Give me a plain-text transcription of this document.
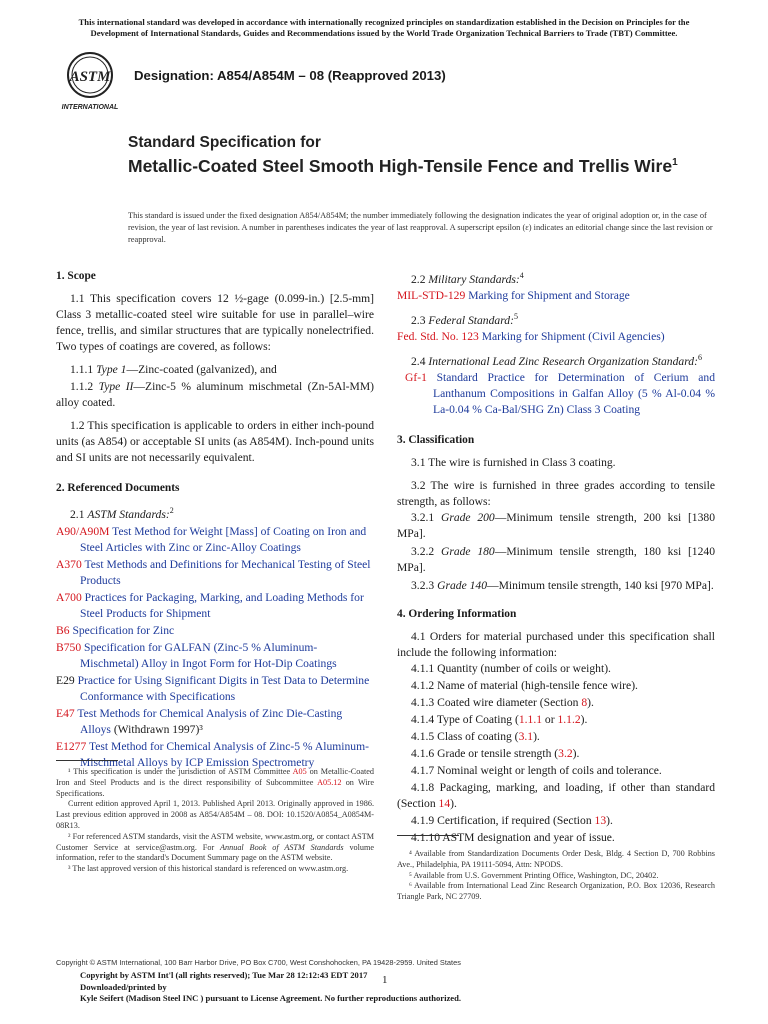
This international standard was developed in accordance with internationally recognized principles on standardization established in the Decision on Principles for the Development of International Standards, Guides and Recommendations issued by the World Trade Organization Technical Barriers to Trade (TBT) Committee.
ASTM
INTERNATIONAL
Designation: A854/A854M – 08 (Reapproved 2013)
Standard Specification for
Metallic-Coated Steel Smooth High-Tensile Fence and Trellis Wire$^1$
This standard is issued under the fixed designation A854/A854M; the number immediately following the designation indicates the year of original adoption or, in the case of revision, the year of last revision. A number in parentheses indicates the year of last reapproval. A superscript epsilon (ε) indicates an editorial change since the last revision or reapproval.
1. Scope

1.1 This specification covers 12 ½-gage (0.099-in.) [2.5-mm] Class 3 metallic-coated steel wire suitable for use in parallel–wire fence, trellis, and similar structures that are typically nonelectrified. Two types of coatings are covered, as follows:

1.1.1 Type 1—Zinc-coated (galvanized), and

1.1.2 Type II—Zinc-5 % aluminum mischmetal (Zn-5Al-MM) alloy coated.

1.2 This specification is applicable to orders in either inch-pound units (as A854) or acceptable SI units (as A854M). Inch-pound units and SI units are not necessarily equivalent.

2. Referenced Documents

2.1 ASTM Standards:$^2$

A90/A90M Test Method for Weight [Mass] of Coating on Iron and Steel Articles with Zinc or Zinc-Alloy Coatings

A370 Test Methods and Definitions for Mechanical Testing of Steel Products

A700 Practices for Packaging, Marking, and Loading Methods for Steel Products for Shipment

B6 Specification for Zinc

B750 Specification for GALFAN (Zinc-5 % Aluminum-Mischmetal) Alloy in Ingot Form for Hot-Dip Coatings

E29 Practice for Using Significant Digits in Test Data to Determine Conformance with Specifications

E47 Test Methods for Chemical Analysis of Zinc Die-Casting Alloys (Withdrawn 1997)³

E1277 Test Method for Chemical Analysis of Zinc-5 % Aluminum-Mischmetal Alloys by ICP Emission Spectrometry

¹ This specification is under the jurisdiction of ASTM Committee A05 on Metallic-Coated Iron and Steel Products and is the direct responsibility of Subcommittee A05.12 on Wire Specifications.

Current edition approved April 1, 2013. Published April 2013. Originally approved in 1986. Last previous edition approved in 2008 as A854/A854M – 08. DOI: 10.1520/A0854_A0854M-08R13.

² For referenced ASTM standards, visit the ASTM website, www.astm.org, or contact ASTM Customer Service at service@astm.org. For Annual Book of ASTM Standards volume information, refer to the standard's Document Summary page on the ASTM website.

³ The last approved version of this historical standard is referenced on www.astm.org.

2.2 Military Standards:$^4$

MIL-STD-129 Marking for Shipment and Storage

2.3 Federal Standard:$^5$

Fed. Std. No. 123 Marking for Shipment (Civil Agencies)

2.4 International Lead Zinc Research Organization Standard:$^6$

Gf-1 Standard Practice for Determination of Cerium and Lanthanum Compositions in Galfan Alloy (5 % Al-0.04 % La-0.04 % Ca-Bal/SHG Zn) Class 3 Coating

3. Classification

3.1 The wire is furnished in Class 3 coating.

3.2 The wire is furnished in three grades according to tensile strength, as follows:

3.2.1 Grade 200—Minimum tensile strength, 200 ksi [1380 MPa].

3.2.2 Grade 180—Minimum tensile strength, 180 ksi [1240 MPa].

3.2.3 Grade 140—Minimum tensile strength, 140 ksi [970 MPa].

4. Ordering Information

4.1 Orders for material purchased under this specification shall include the following information:

4.1.1 Quantity (number of coils or weight).

4.1.2 Name of material (high-tensile fence wire).

4.1.3 Coated wire diameter (Section 8).

4.1.4 Type of Coating (1.1.1 or 1.1.2).

4.1.5 Class of coating (3.1).

4.1.6 Grade or tensile strength (3.2).

4.1.7 Nominal weight or length of coils and tolerance.

4.1.8 Packaging, marking, and loading, if other than standard (Section 14).

4.1.9 Certification, if required (Section 13).

4.1.10 ASTM designation and year of issue.

⁴ Available from Standardization Documents Order Desk, Bldg. 4 Section D, 700 Robbins Ave., Philadelphia, PA 19111-5094, Attn: NPODS.

⁵ Available from U.S. Government Printing Office, Washington, DC, 20402.

⁶ Available from International Lead Zinc Research Organization, P.O. Box 12036, Research Triangle Park, NC 27709.

Copyright © ASTM International, 100 Barr Harbor Drive, PO Box C700, West Conshohocken, PA 19428-2959. United States
Copyright by ASTM Int'l (all rights reserved); Tue Mar 28 12:12:43 EDT 2017
Downloaded/printed by
Kyle Seifert (Madison Steel INC ) pursuant to License Agreement. No further reproductions authorized.
1
